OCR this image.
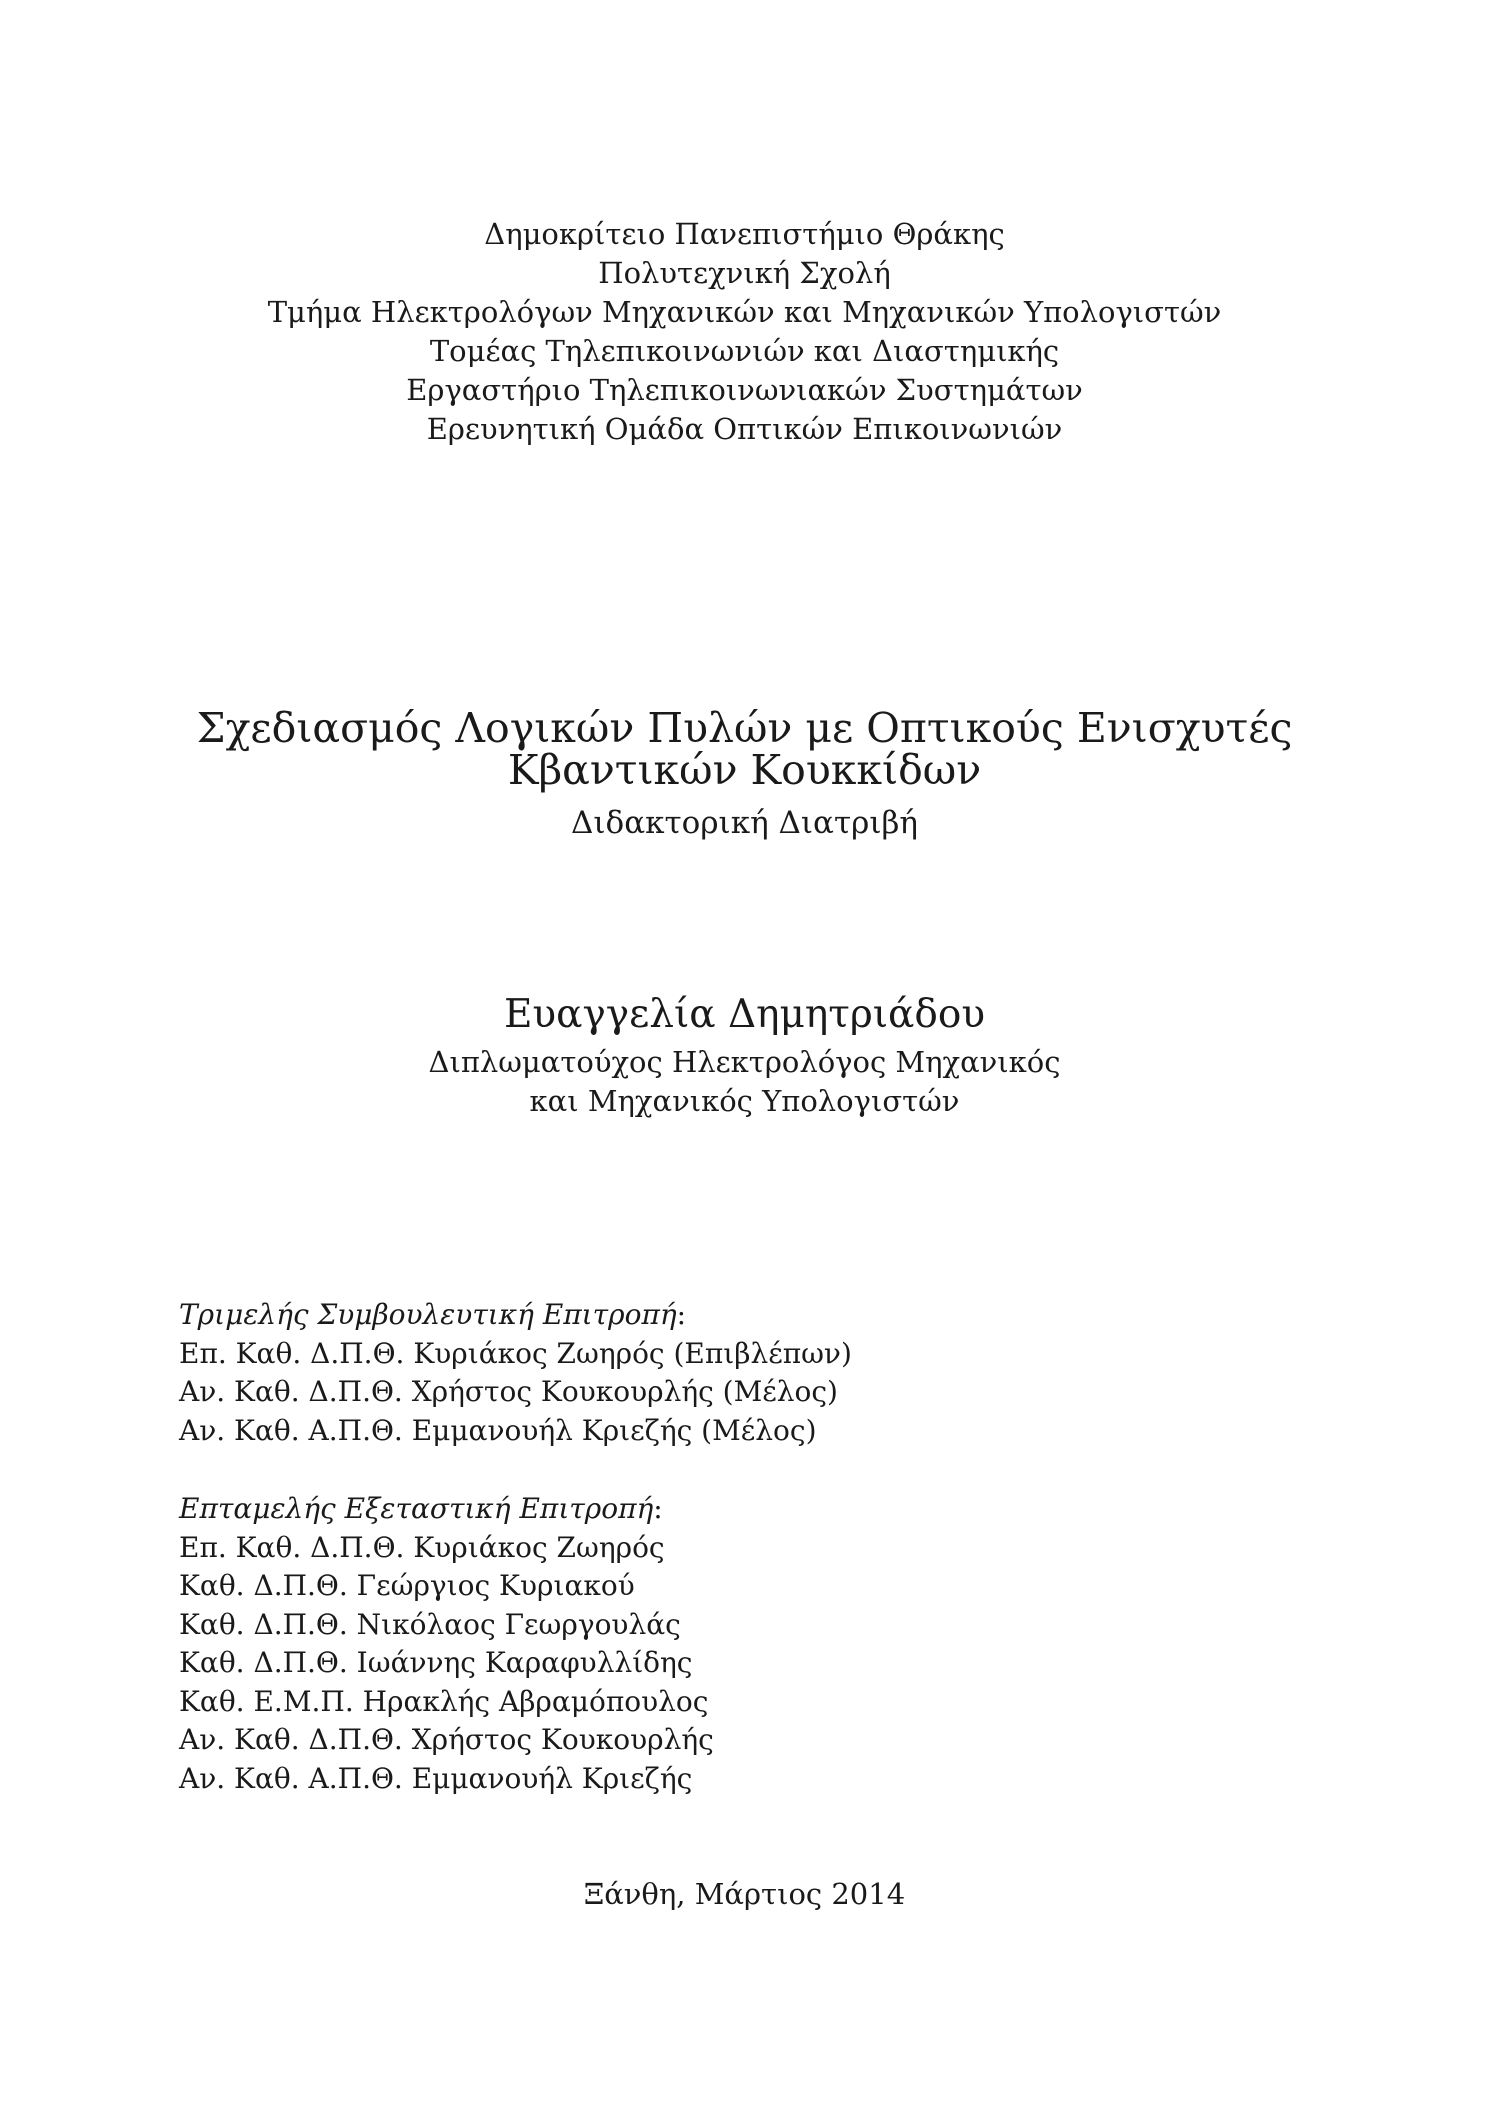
Δημοκρίτειο Πανεπιστήμιο Θράκης
Πολυτεχνική Σχολή
Τμήμα Ηλεκτρολόγων Μηχανικών και Μηχανικών Υπολογιστών
Τομέας Τηλεπικοινωνιών και Διαστημικής
Εργαστήριο Τηλεπικοινωνιακών Συστημάτων
Ερευνητική Ομάδα Οπτικών Επικοινωνιών
Σχεδιασμός Λογικών Πυλών με Οπτικούς Ενισχυτές
Κβαντικών Κουκκίδων
Διδακτορική Διατριβή
Ευαγγελία Δημητριάδου
Διπλωματούχος Ηλεκτρολόγος Μηχανικός
και Μηχανικός Υπολογιστών
Τριμελής Συμβουλευτική Επιτροπή:
Επ. Καθ. Δ.Π.Θ. Κυριάκος Ζωηρός (Επιβλέπων)
Αν. Καθ. Δ.Π.Θ. Χρήστος Κουκουρλής (Μέλος)
Αν. Καθ. Α.Π.Θ. Εμμανουήλ Κριεζής (Μέλος)
Επταμελής Εξεταστική Επιτροπή:
Επ. Καθ. Δ.Π.Θ. Κυριάκος Ζωηρός
Καθ. Δ.Π.Θ. Γεώργιος Κυριακού
Καθ. Δ.Π.Θ. Νικόλαος Γεωργουλάς
Καθ. Δ.Π.Θ. Ιωάννης Καραφυλλίδης
Καθ. Ε.Μ.Π. Ηρακλής Αβραμόπουλος
Αν. Καθ. Δ.Π.Θ. Χρήστος Κουκουρλής
Αν. Καθ. Α.Π.Θ. Εμμανουήλ Κριεζής
Ξάνθη, Μάρτιος 2014
